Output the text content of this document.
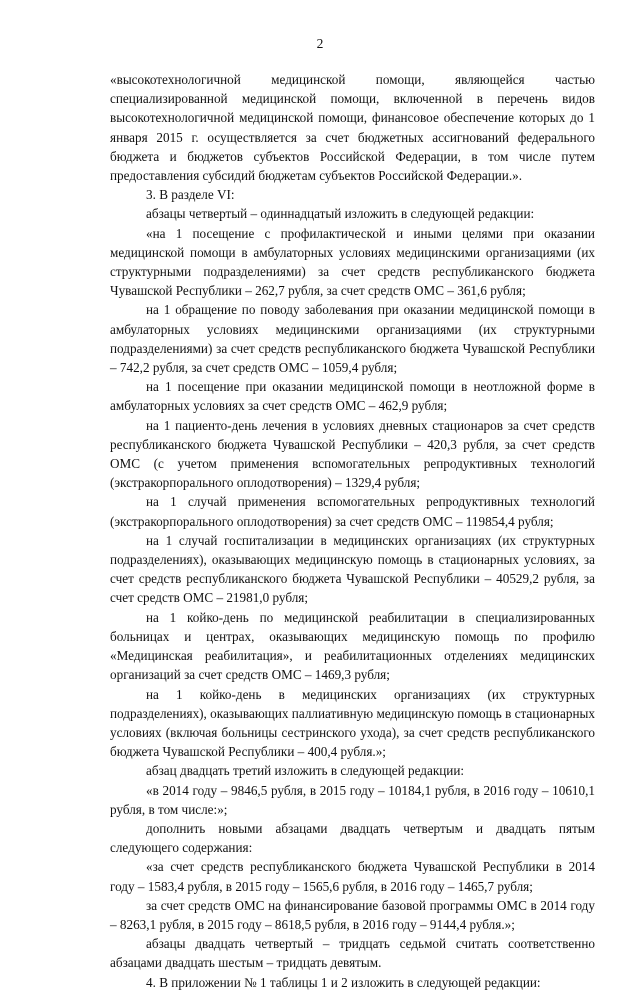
2

«высокотехнологичной медицинской помощи, являющейся частью специализированной медицинской помощи, включенной в перечень видов высокотехнологичной медицинской помощи, финансовое обеспечение которых до 1 января 2015 г. осуществляется за счет бюджетных ассигнований федерального бюджета и бюджетов субъектов Российской Федерации, в том числе путем предоставления субсидий бюджетам субъектов Российской Федерации.».

3. В разделе VI:

абзацы четвертый – одиннадцатый изложить в следующей редакции:

«на 1 посещение с профилактической и иными целями при оказании медицинской помощи в амбулаторных условиях медицинскими организациями (их структурными подразделениями) за счет средств республиканского бюджета Чувашской Республики – 262,7 рубля, за счет средств ОМС – 361,6 рубля;

на 1 обращение по поводу заболевания при оказании медицинской помощи в амбулаторных условиях медицинскими организациями (их структурными подразделениями) за счет средств республиканского бюджета Чувашской Республики – 742,2 рубля, за счет средств ОМС – 1059,4 рубля;

на 1 посещение при оказании медицинской помощи в неотложной форме в амбулаторных условиях за счет средств ОМС – 462,9 рубля;

на 1 пациенто-день лечения в условиях дневных стационаров за счет средств республиканского бюджета Чувашской Республики – 420,3 рубля, за счет средств ОМС (с учетом применения вспомогательных репродуктивных технологий (экстракорпорального оплодотворения) – 1329,4 рубля;

на 1 случай применения вспомогательных репродуктивных технологий (экстракорпорального оплодотворения) за счет средств ОМС – 119854,4 рубля;

на 1 случай госпитализации в медицинских организациях (их структурных подразделениях), оказывающих медицинскую помощь в стационарных условиях, за счет средств республиканского бюджета Чувашской Республики – 40529,2 рубля, за счет средств ОМС – 21981,0 рубля;

на 1 койко-день по медицинской реабилитации в специализированных больницах и центрах, оказывающих медицинскую помощь по профилю «Медицинская реабилитация», и реабилитационных отделениях медицинских организаций за счет средств ОМС – 1469,3 рубля;

на 1 койко-день в медицинских организациях (их структурных подразделениях), оказывающих паллиативную медицинскую помощь в стационарных условиях (включая больницы сестринского ухода), за счет средств республиканского бюджета Чувашской Республики – 400,4 рубля.»;

абзац двадцать третий изложить в следующей редакции:

«в 2014 году – 9846,5 рубля, в 2015 году – 10184,1 рубля, в 2016 году – 10610,1 рубля, в том числе:»;

дополнить новыми абзацами двадцать четвертым и двадцать пятым следующего содержания:

«за счет средств республиканского бюджета Чувашской Республики в 2014 году – 1583,4 рубля, в 2015 году – 1565,6 рубля, в 2016 году – 1465,7 рубля;

за счет средств ОМС на финансирование базовой программы ОМС в 2014 году – 8263,1 рубля, в 2015 году – 8618,5 рубля, в 2016 году – 9144,4 рубля.»;

абзацы двадцать четвертый – тридцать седьмой считать соответственно абзацами двадцать шестым – тридцать девятым.

4. В приложении № 1 таблицы 1 и 2 изложить в следующей редакции:
